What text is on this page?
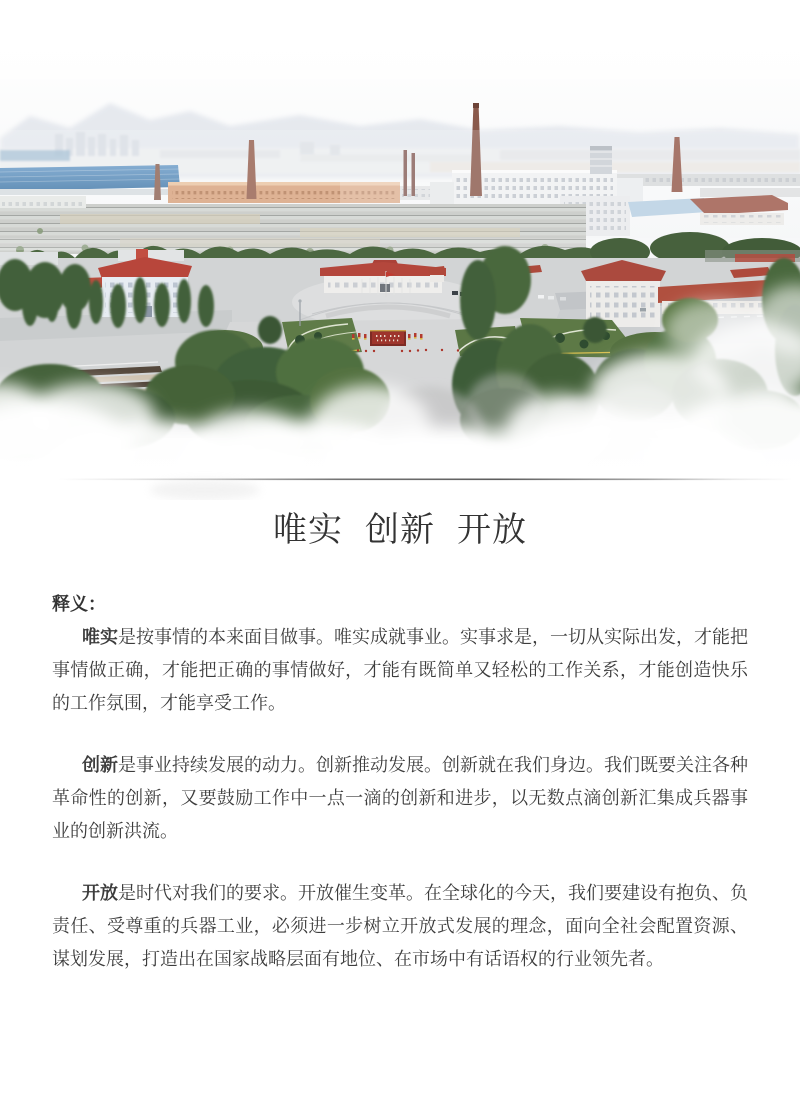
唯实 创新 开放
释义：

唯实是按事情的本来面目做事。唯实成就事业。实事求是，一切从实际出发，才能把事情做正确，才能把正确的事情做好，才能有既简单又轻松的工作关系，才能创造快乐的工作氛围，才能享受工作。

创新是事业持续发展的动力。创新推动发展。创新就在我们身边。我们既要关注各种革命性的创新，又要鼓励工作中一点一滴的创新和进步，以无数点滴创新汇集成兵器事业的创新洪流。

开放是时代对我们的要求。开放催生变革。在全球化的今天，我们要建设有抱负、负责任、受尊重的兵器工业，必须进一步树立开放式发展的理念，面向全社会配置资源、谋划发展，打造出在国家战略层面有地位、在市场中有话语权的行业领先者。
